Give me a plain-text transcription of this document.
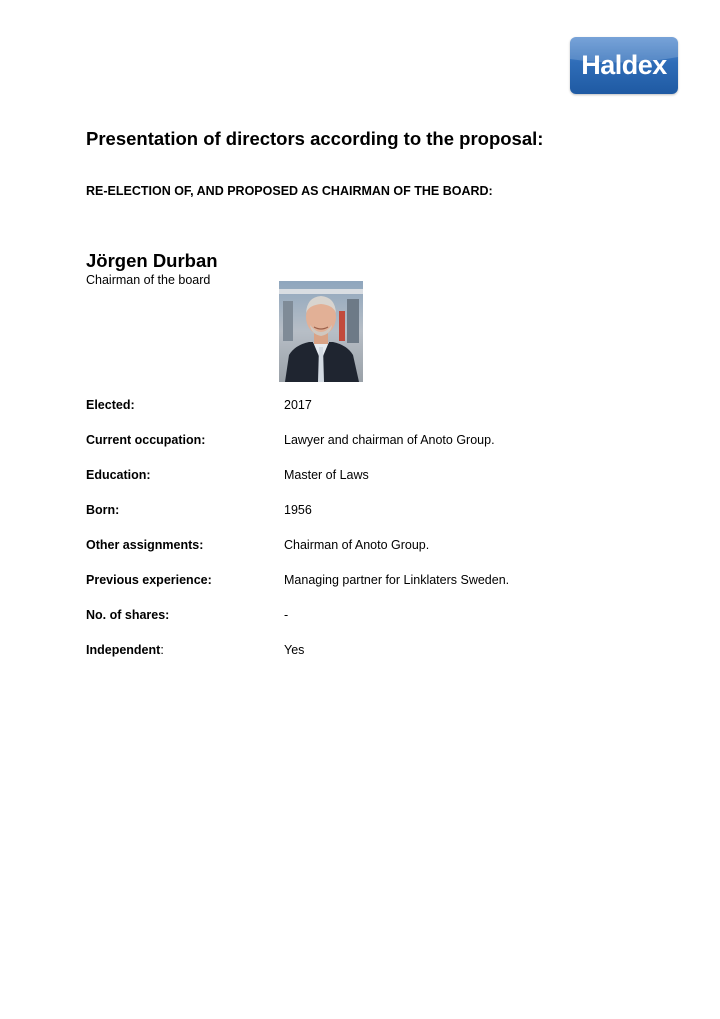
Haldex
Presentation of directors according to the proposal:
RE-ELECTION OF, AND PROPOSED AS CHAIRMAN OF THE BOARD:
Jörgen Durban

Chairman of the board

Elected:	2017
Current occupation:	Lawyer and chairman of Anoto Group.
Education:	Master of Laws
Born:	1956
Other assignments:	Chairman of Anoto Group.
Previous experience:	Managing partner for Linklaters Sweden.
No. of shares:	-
Independent:	Yes
